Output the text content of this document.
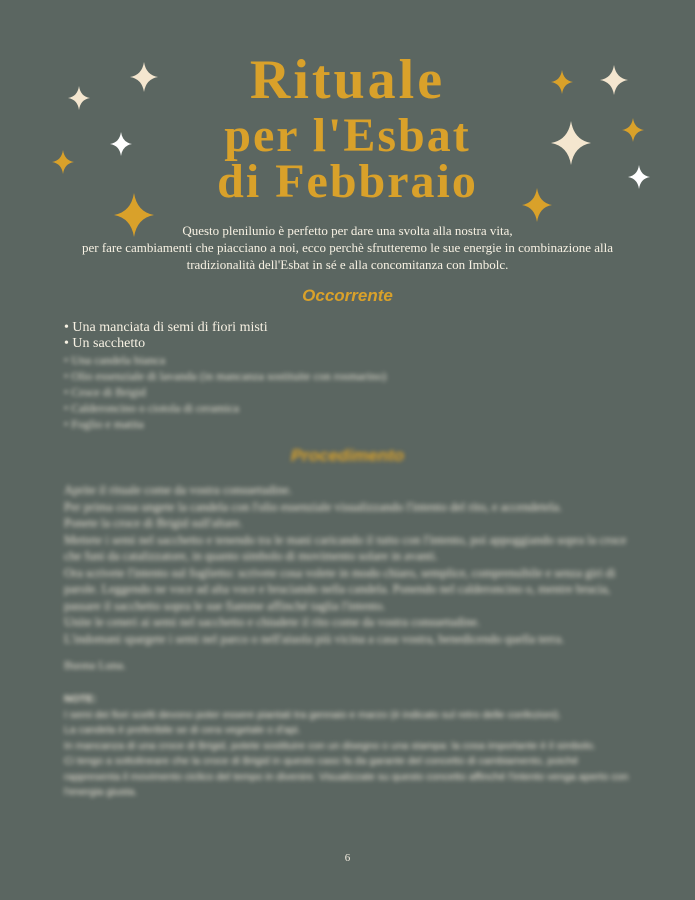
Rituale
per l'Esbat
di Febbraio
Questo plenilunio è perfetto per dare una svolta alla nostra vita,
per fare cambiamenti che piacciano a noi, ecco perchè sfrutteremo le sue energie in combinazione alla
tradizionalità dell'Esbat in sé e alla concomitanza con Imbolc.
Occorrente
• Una manciata di semi di fiori misti
• Un sacchetto
• Una candela bianca
• Olio essenziale di lavanda (in mancanza sostituite con rosmarino)
• Croce di Brigid
• Calderoncino o ciotola di ceramica
• Foglio e matita
Procedimento

Aprite il rituale come da vostra consuetudine.

Per prima cosa ungete la candela con l'olio essenziale visualizzando l'intento del rito, e accendetela.

Ponete la croce di Brigid sull'altare.

Mettete i semi nel sacchetto e tenendo tra le mani caricando il tutto con l'intento, poi appoggiando sopra la croce che funi da catalizzatore, in quanto simbolo di movimento solare in avanti.

Ora scrivete l'intento sul foglietto: scrivete cosa volete in modo chiaro, semplice, comprensibile e senza giri di parole. Leggendo ne voce ad alta voce e bruciando nella candela. Ponendo nel calderoncino o, mentre brucia, passare il sacchetto sopra le sue fiamme affinché taglia l'intento.

Unite le ceneri ai semi nel sacchetto e chiudete il rito come da vostra consuetudine.

L'indomani spargete i semi nel parco o nell'aiuola più vicina a casa vostra, benedicendo quella terra.

Buona Luna.

NOTE:

I semi dei fiori scelti devono poter essere piantati tra gennaio e marzo (è indicato sul retro delle confezioni).

La candela è preferibile se di cera vegetale o d'api.

In mancanza di una croce di Brigid, potete sostituire con un disegno o una stampa: la cosa importante è il simbolo.

Ci tengo a sottolineare che la croce di Brigid in questo caso fa da garante del concetto di cambiamento, poiché rappresenta il movimento ciclico del tempo in divenire. Visualizzate su questo concetto affinché l'intento venga aperto con l'energia giusta.

6
